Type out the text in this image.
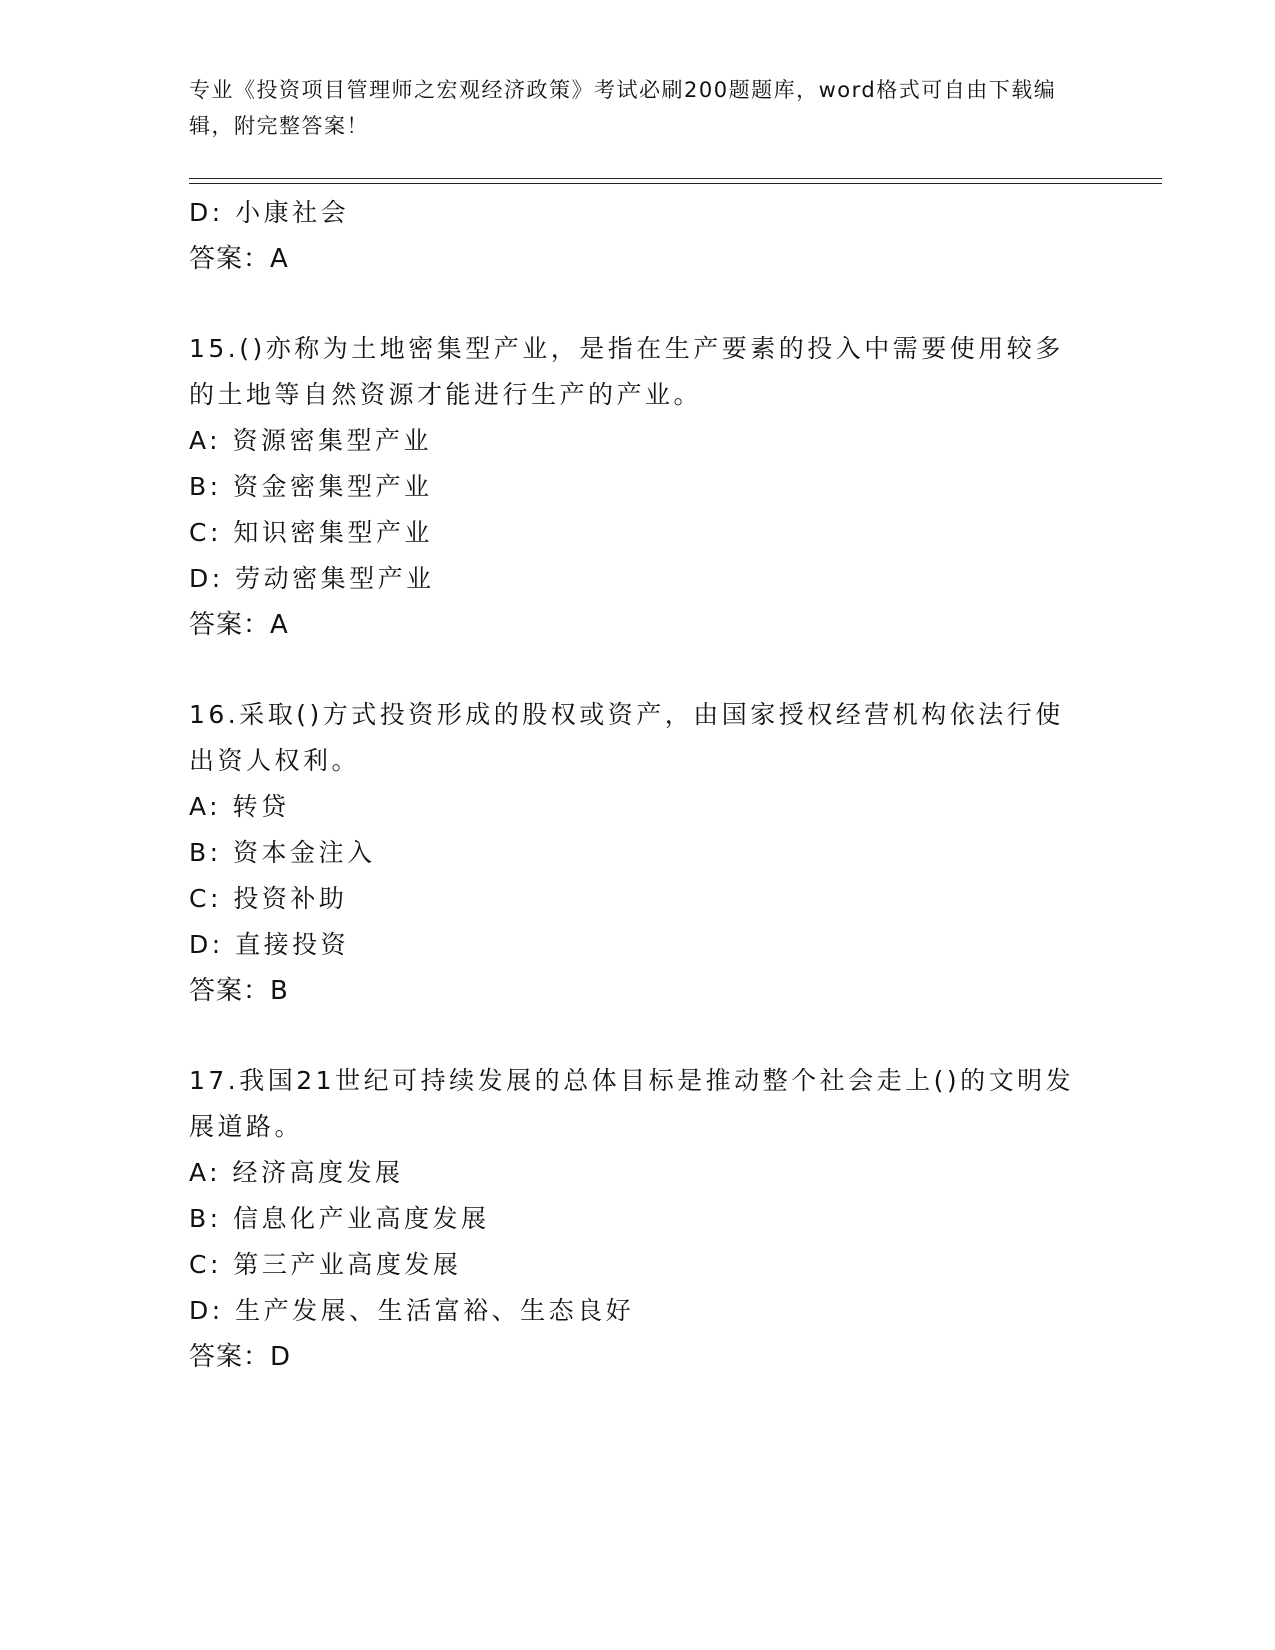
专业《投资项目管理师之宏观经济政策》考试必刷200题题库，word格式可自由下载编辑，附完整答案！
D: 小康社会
答案：A
15.()亦称为土地密集型产业，是指在生产要素的投入中需要使用较多的土地等自然资源才能进行生产的产业。
A: 资源密集型产业
B: 资金密集型产业
C: 知识密集型产业
D: 劳动密集型产业
答案：A
16.采取()方式投资形成的股权或资产，由国家授权经营机构依法行使出资人权利。
A: 转贷
B: 资本金注入
C: 投资补助
D: 直接投资
答案：B
17.我国21世纪可持续发展的总体目标是推动整个社会走上()的文明发展道路。
A: 经济高度发展
B: 信息化产业高度发展
C: 第三产业高度发展
D: 生产发展、生活富裕、生态良好
答案：D
